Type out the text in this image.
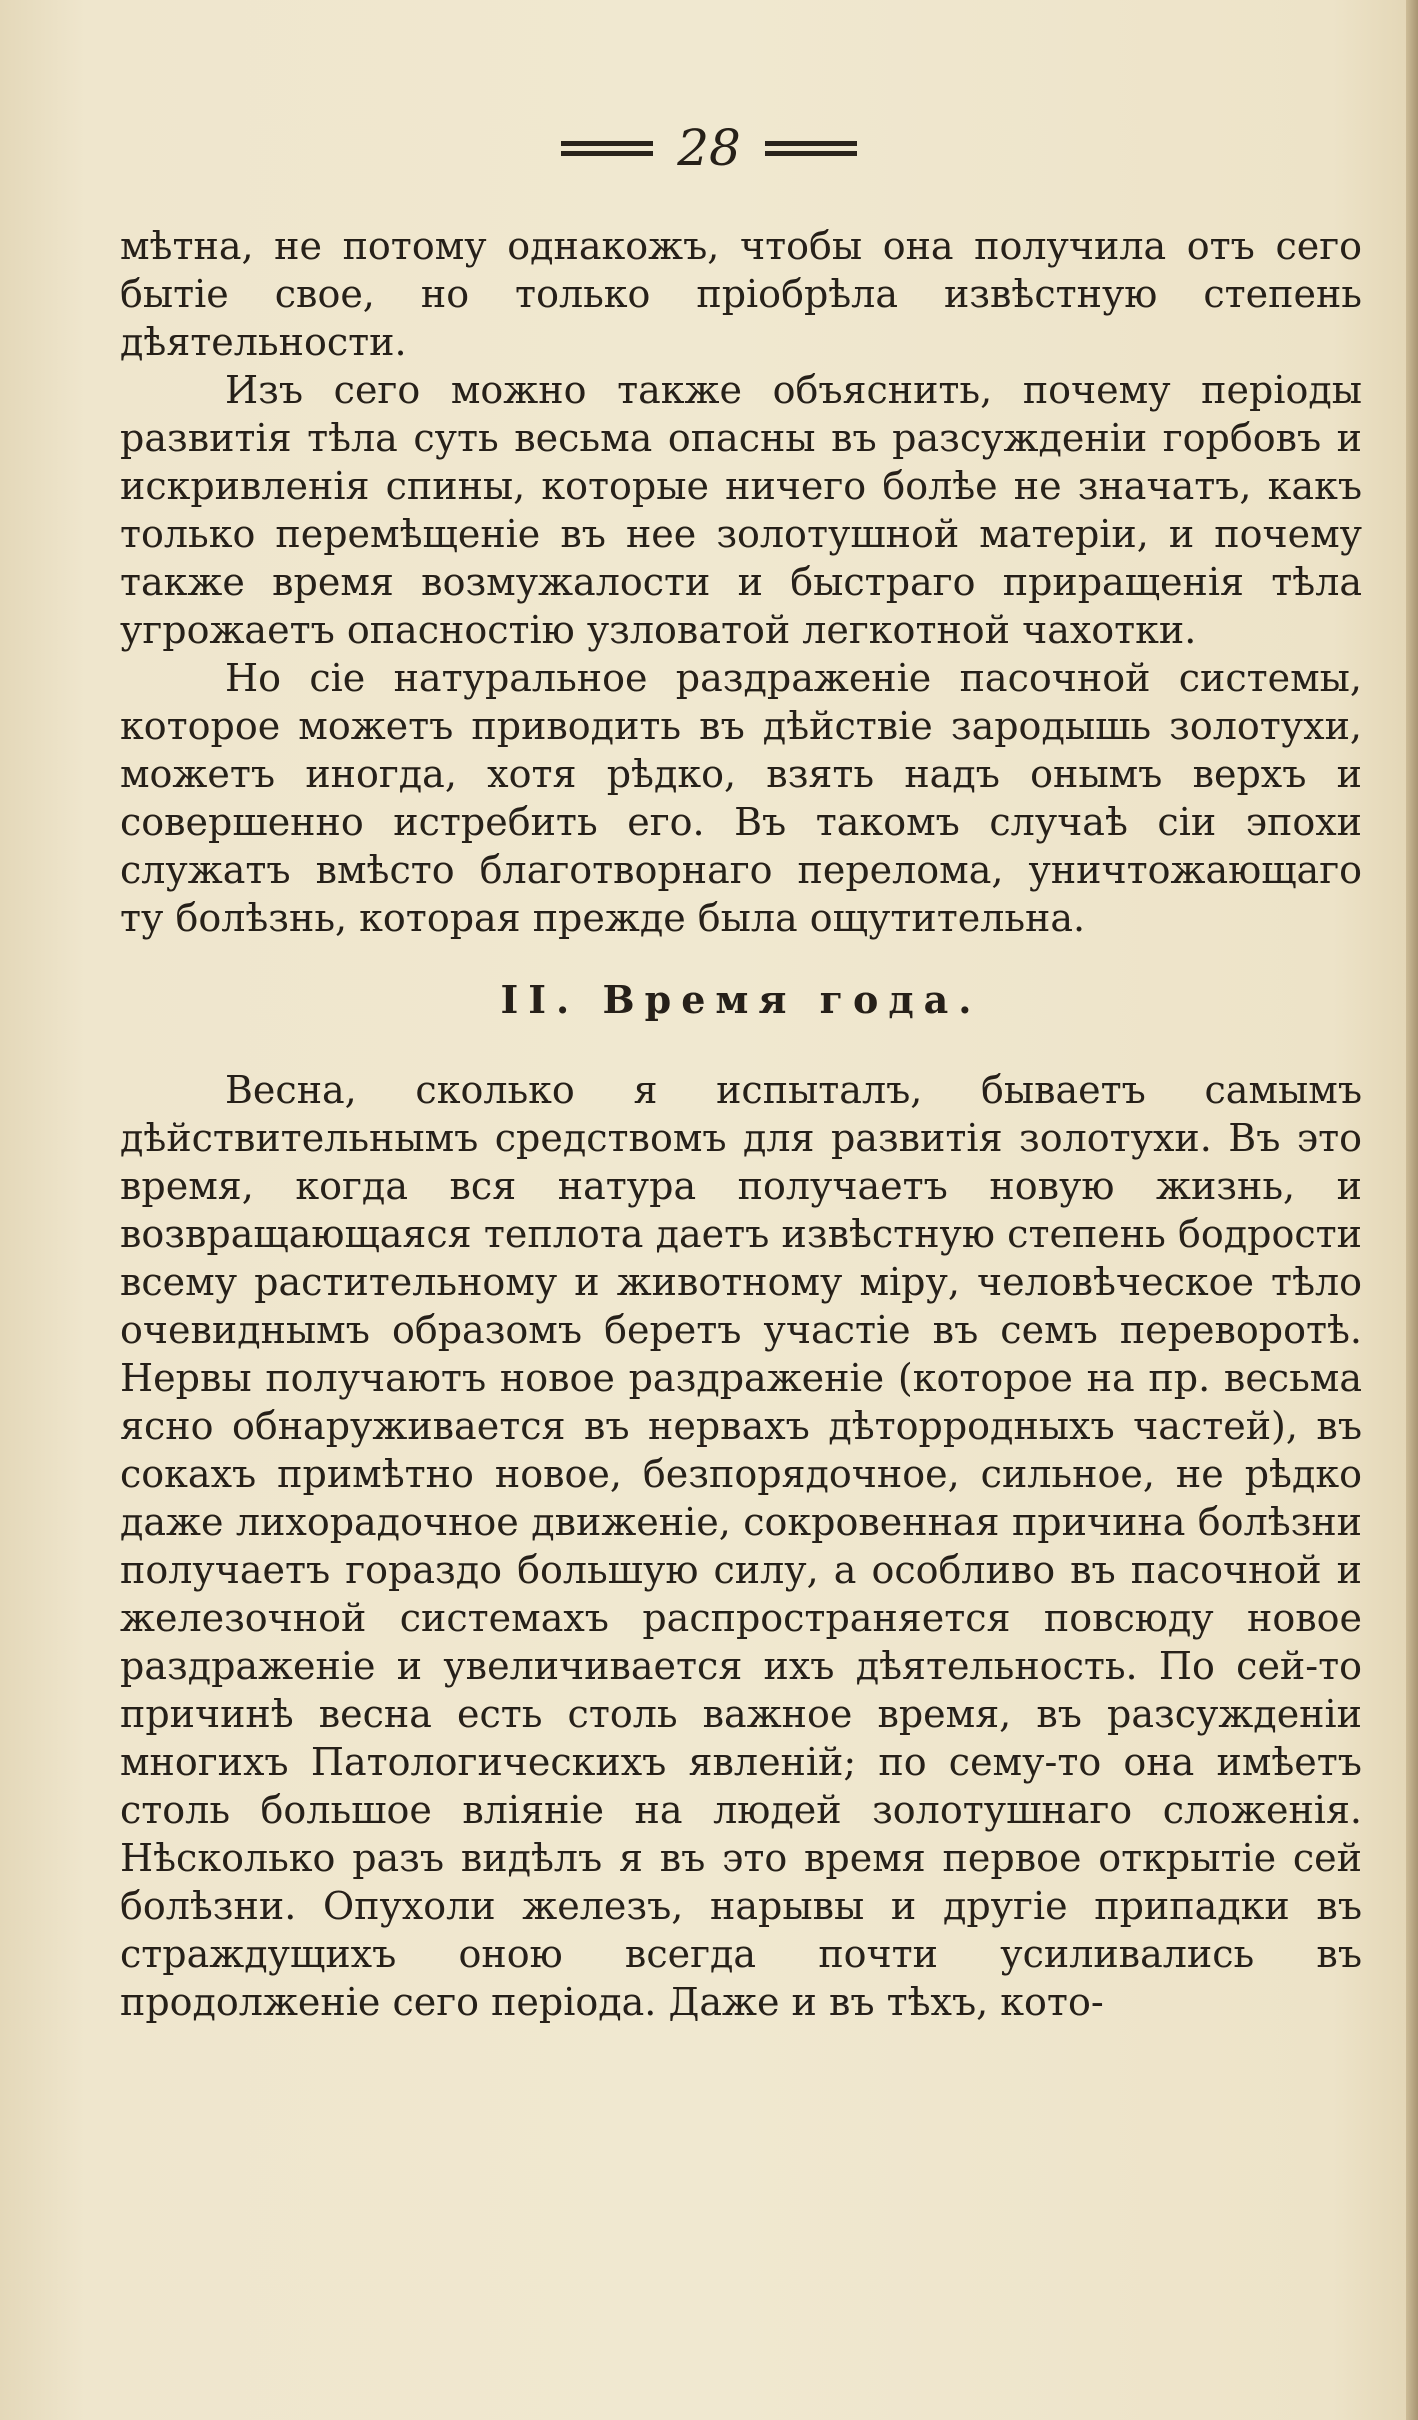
28

мѣтна, не потому однакожъ, чтобы она получила отъ сего бытіе свое, но только пріобрѣла извѣстную степень дѣятельности.

Изъ сего можно также объяснить, почему періоды развитія тѣла суть весьма опасны въ разсужденіи горбовъ и искривленія спины, которые ничего болѣе не значатъ, какъ только перемѣщеніе въ нее золотушной матеріи, и почему также время возмужалости и быстраго приращенія тѣла угрожаетъ опасностію узловатой легкотной чахотки.

Но сіе натуральное раздраженіе пасочной системы, которое можетъ приводить въ дѣйствіе зародышь золотухи, можетъ иногда, хотя рѣдко, взять надъ онымъ верхъ и совершенно истребить его. Въ такомъ случаѣ сіи эпохи служатъ вмѣсто благотворнаго перелома, уничтожающаго ту болѣзнь, которая прежде была ощутительна.

II. Время года.

Весна, сколько я испыталъ, бываетъ самымъ дѣйствительнымъ средствомъ для развитія золотухи. Въ это время, когда вся натура получаетъ новую жизнь, и возвращающаяся теплота даетъ извѣстную степень бодрости всему растительному и животному міру, человѣческое тѣло очевиднымъ образомъ беретъ участіе въ семъ переворотѣ. Нервы получаютъ новое раздраженіе (которое на пр. весьма ясно обнаруживается въ нервахъ дѣторродныхъ частей), въ сокахъ примѣтно новое, безпорядочное, сильное, не рѣдко даже лихорадочное движеніе, сокровенная причина болѣзни получаетъ гораздо большую силу, а особливо въ пасочной и железочной системахъ распространяется повсюду новое раздраженіе и увеличивается ихъ дѣятельность. По сей-то причинѣ весна есть столь важное время, въ разсужденіи многихъ Патологическихъ явленій; по сему-то она имѣетъ столь большое вліяніе на людей золотушнаго сложенія. Нѣсколько разъ видѣлъ я въ это время первое открытіе сей болѣзни. Опухоли железъ, нарывы и другіе припадки въ страждущихъ оною всегда почти усиливались въ продолженіе сего періода. Даже и въ тѣхъ, кото-
